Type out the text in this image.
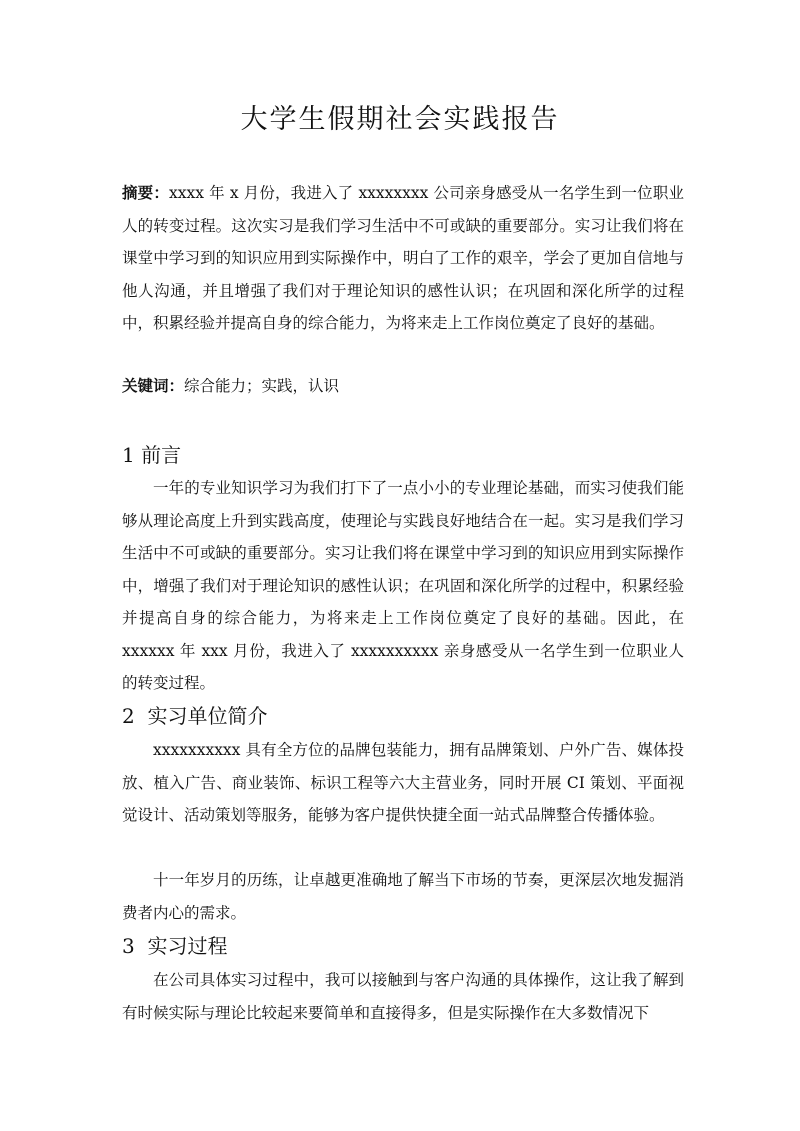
大学生假期社会实践报告

摘要：xxxx 年 x 月份，我进入了 xxxxxxxx 公司亲身感受从一名学生到一位职业人的转变过程。这次实习是我们学习生活中不可或缺的重要部分。实习让我们将在课堂中学习到的知识应用到实际操作中，明白了工作的艰辛，学会了更加自信地与他人沟通，并且增强了我们对于理论知识的感性认识；在巩固和深化所学的过程中，积累经验并提高自身的综合能力，为将来走上工作岗位奠定了良好的基础。

关键词：综合能力；实践，认识

1 前言

一年的专业知识学习为我们打下了一点小小的专业理论基础，而实习使我们能够从理论高度上升到实践高度，使理论与实践良好地结合在一起。实习是我们学习生活中不可或缺的重要部分。实习让我们将在课堂中学习到的知识应用到实际操作中，增强了我们对于理论知识的感性认识；在巩固和深化所学的过程中，积累经验并提高自身的综合能力，为将来走上工作岗位奠定了良好的基础。因此，在 xxxxxx 年 xxx 月份，我进入了 xxxxxxxxxx 亲身感受从一名学生到一位职业人的转变过程。

2 实习单位简介

xxxxxxxxxx 具有全方位的品牌包装能力，拥有品牌策划、户外广告、媒体投放、植入广告、商业装饰、标识工程等六大主营业务，同时开展 CI 策划、平面视觉设计、活动策划等服务，能够为客户提供快捷全面一站式品牌整合传播体验。

十一年岁月的历练，让卓越更准确地了解当下市场的节奏，更深层次地发掘消费者内心的需求。

3 实习过程

在公司具体实习过程中，我可以接触到与客户沟通的具体操作，这让我了解到有时候实际与理论比较起来要简单和直接得多，但是实际操作在大多数情况下
